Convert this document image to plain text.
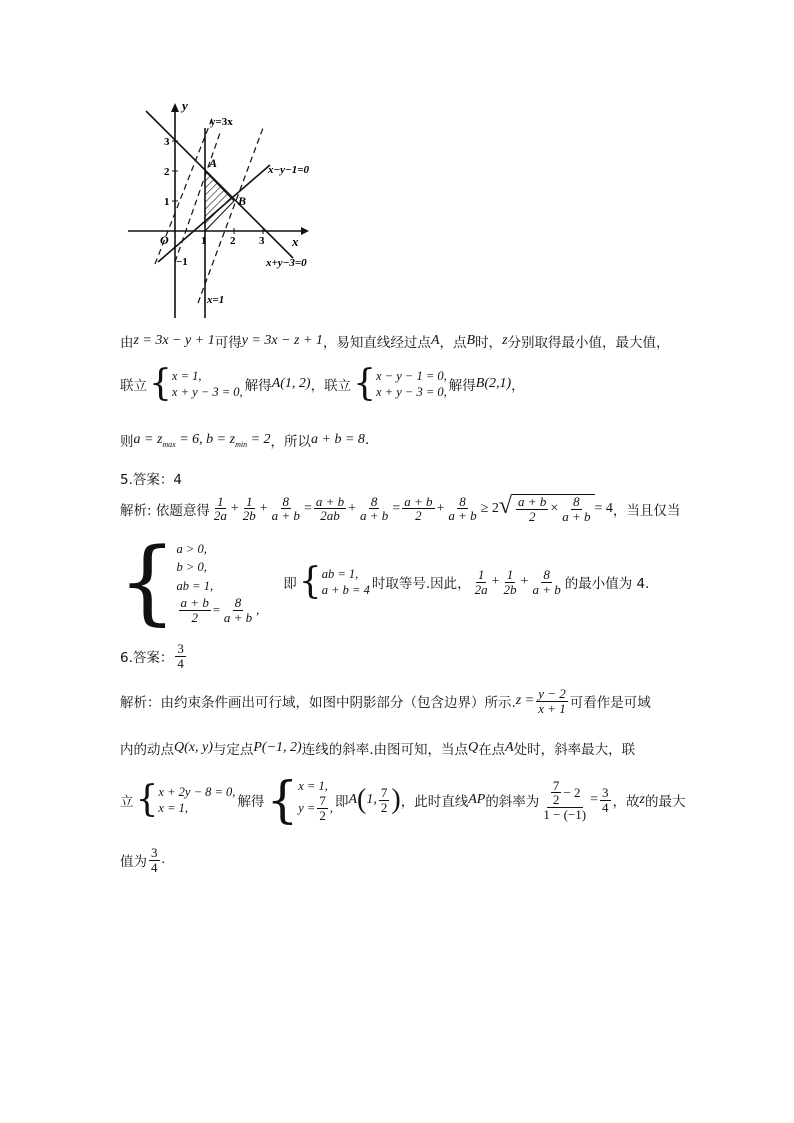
y
x
O
y=3x
x−y−1=0
x+y−3=0
x=1
A
B
1 2 3
1
2
3
−1
由 z = 3x − y + 1 可得 y = 3x − z + 1 ，易知直线经过点 A ，点 B 时， z 分别取得最小值，最大值，
联立 { x = 1,
x + y − 3 = 0, 解得 A(1, 2) ，联立 { x − y − 1 = 0,
x + y − 3 = 0, 解得 B(2,1) ，
则 $a = z_{max} = 6$, $b = z_{min} = 2$ ，所以 a + b = 8 .
5.答案：4
解析: 依题意得 $\frac{1}{2a} + \frac{1}{2b} + \frac{8}{a + b} = \frac{a + b}{2ab} + \frac{8}{a + b} = \frac{a + b}{2} + \frac{8}{a + b} \ge 2$ √ $\frac{a + b}{2} \times \frac{8}{a + b} = 4$ ，当且仅当
{ a > 0,
b > 0,
ab = 1,
$\frac{a + b}{2} = \frac{8}{a + b}$ ,
即 { ab = 1,
a + b = 4 时取等号.因此， $\frac{1}{2a} + \frac{1}{2b} + \frac{8}{a + b}$ 的最小值为 4.
6.答案： $\frac{3}{4}$
解析：由约束条件画出可行域，如图中阴影部分（包含边界）所示. $z = \frac{y - 2}{x + 1}$ 可看作是可域
内的动点 Q(x, y) 与定点 P(−1, 2) 连线的斜率.由图可知，当点 Q 在点 A 处时，斜率最大，联
立 { x + 2y − 8 = 0,
x = 1,	解得 { x = 1,
$y = \frac{7}{2}$ , 即 A ( 1, $\frac{7}{2}$ ) ，此时直线 AP 的斜率为 $\frac{\frac{7}{2} - 2}{1 - (-1)} = \frac{3}{4}$ ，故 z 的最大
值为 $\frac{3}{4}$ .
